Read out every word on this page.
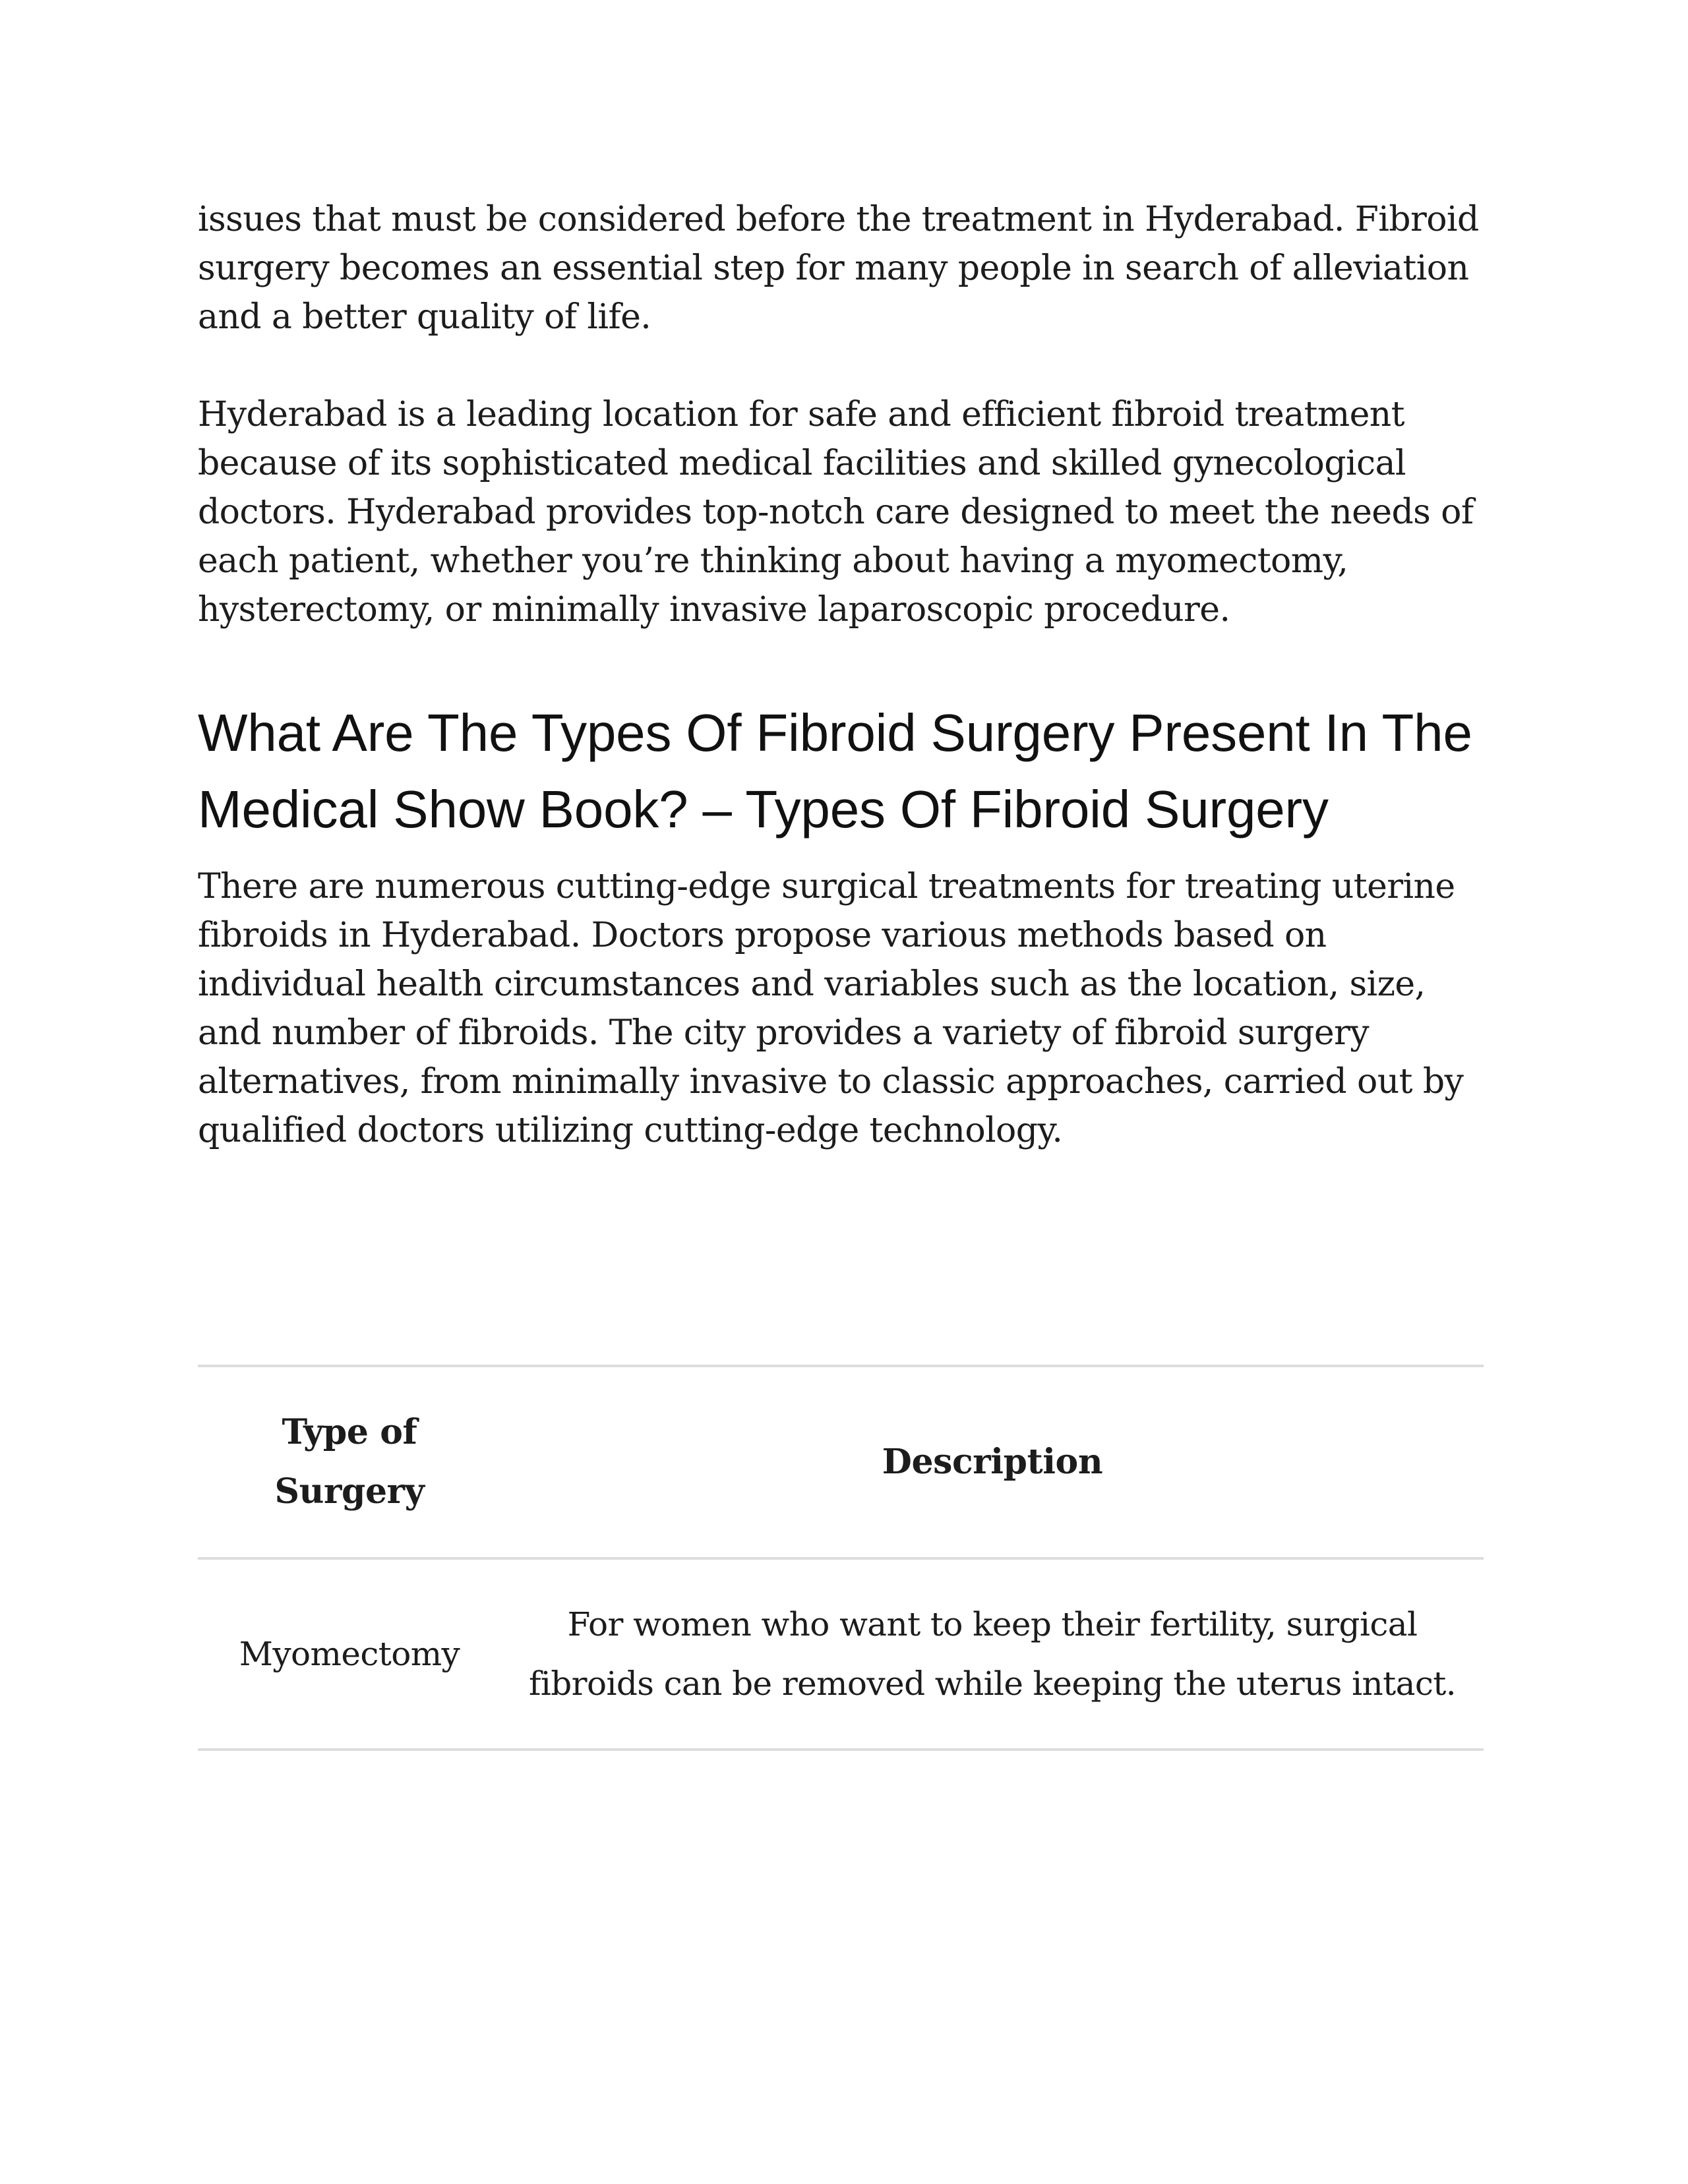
issues that must be considered before the treatment in Hyderabad. Fibroid surgery becomes an essential step for many people in search of alleviation and a better quality of life.

Hyderabad is a leading location for safe and efficient fibroid treatment because of its sophisticated medical facilities and skilled gynecological doctors. Hyderabad provides top-notch care designed to meet the needs of each patient, whether you’re thinking about having a myomectomy, hysterectomy, or minimally invasive laparoscopic procedure.

What Are The Types Of Fibroid Surgery Present In The Medical Show Book? – Types Of Fibroid Surgery

There are numerous cutting-edge surgical treatments for treating uterine fibroids in Hyderabad. Doctors propose various methods based on individual health circumstances and variables such as the location, size, and number of fibroids. The city provides a variety of fibroid surgery alternatives, from minimally invasive to classic approaches, carried out by qualified doctors utilizing cutting-edge technology.

Type of Surgery	Description
Myomectomy	For women who want to keep their fertility, surgical fibroids can be removed while keeping the uterus intact.
